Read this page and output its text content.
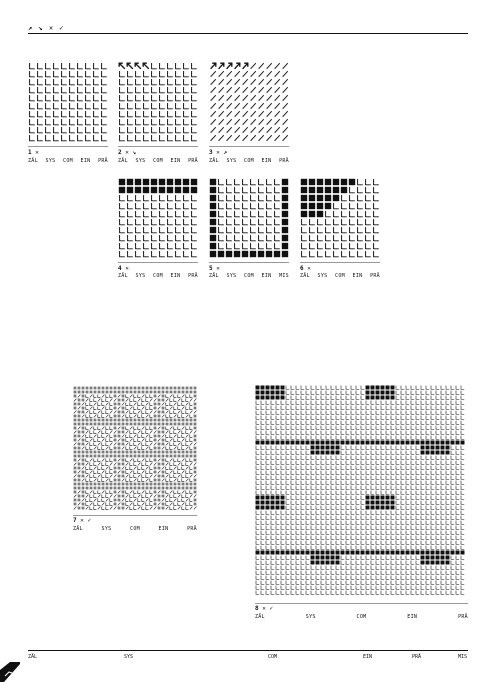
↗ ↘ ✕ ✓
1 ✕
ZÄL SYS COM EIN PRÄ
2 ✕ ↘
ZÄL SYS COM EIN PRÄ
3 ✕ ↗
ZÄL SYS COM EIN PRÄ
4 ✕
ZÄL SYS COM EIN PRÄ
5 ✕
ZÄL SYS COM EIN MIS
6 ✕
ZÄL SYS COM EIN PRÄ
7 ✕ ✓
ZÄL	SYS	COM	EIN	PRÄ
8 ✕ ✓
ZÄL	SYS	COM	EIN	PRÄ
ZÄL	SYS	COM	EIN	PRÄ	MIS
